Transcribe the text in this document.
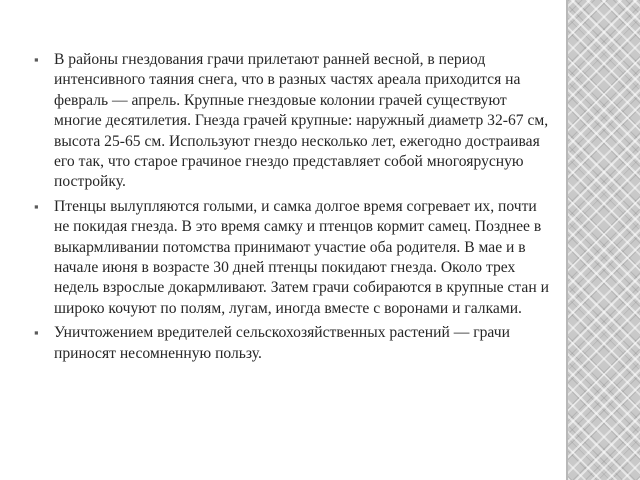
▪ В районы гнездования грачи прилетают ранней весной, в период интенсивного таяния снега, что в разных частях ареала приходится на февраль — апрель. Крупные гнездовые колонии грачей существуют многие десятилетия. Гнезда грачей крупные: наружный диаметр 32-67 см, высота 25-65 см. Используют гнездо несколько лет, ежегодно достраивая его так, что старое грачиное гнездо представляет собой многоярусную постройку.
▪ Птенцы вылупляются голыми, и самка долгое время согревает их, почти не покидая гнезда. В это время самку и птенцов кормит самец. Позднее в выкармливании потомства принимают участие оба родителя. В мае и в начале июня в возрасте 30 дней птенцы покидают гнезда. Около трех недель взрослые докармливают. Затем грачи собираются в крупные стан и широко кочуют по полям, лугам, иногда вместе с воронами и галками.
▪ Уничтожением вредителей сельскохозяйственных растений — грачи приносят несомненную пользу.
